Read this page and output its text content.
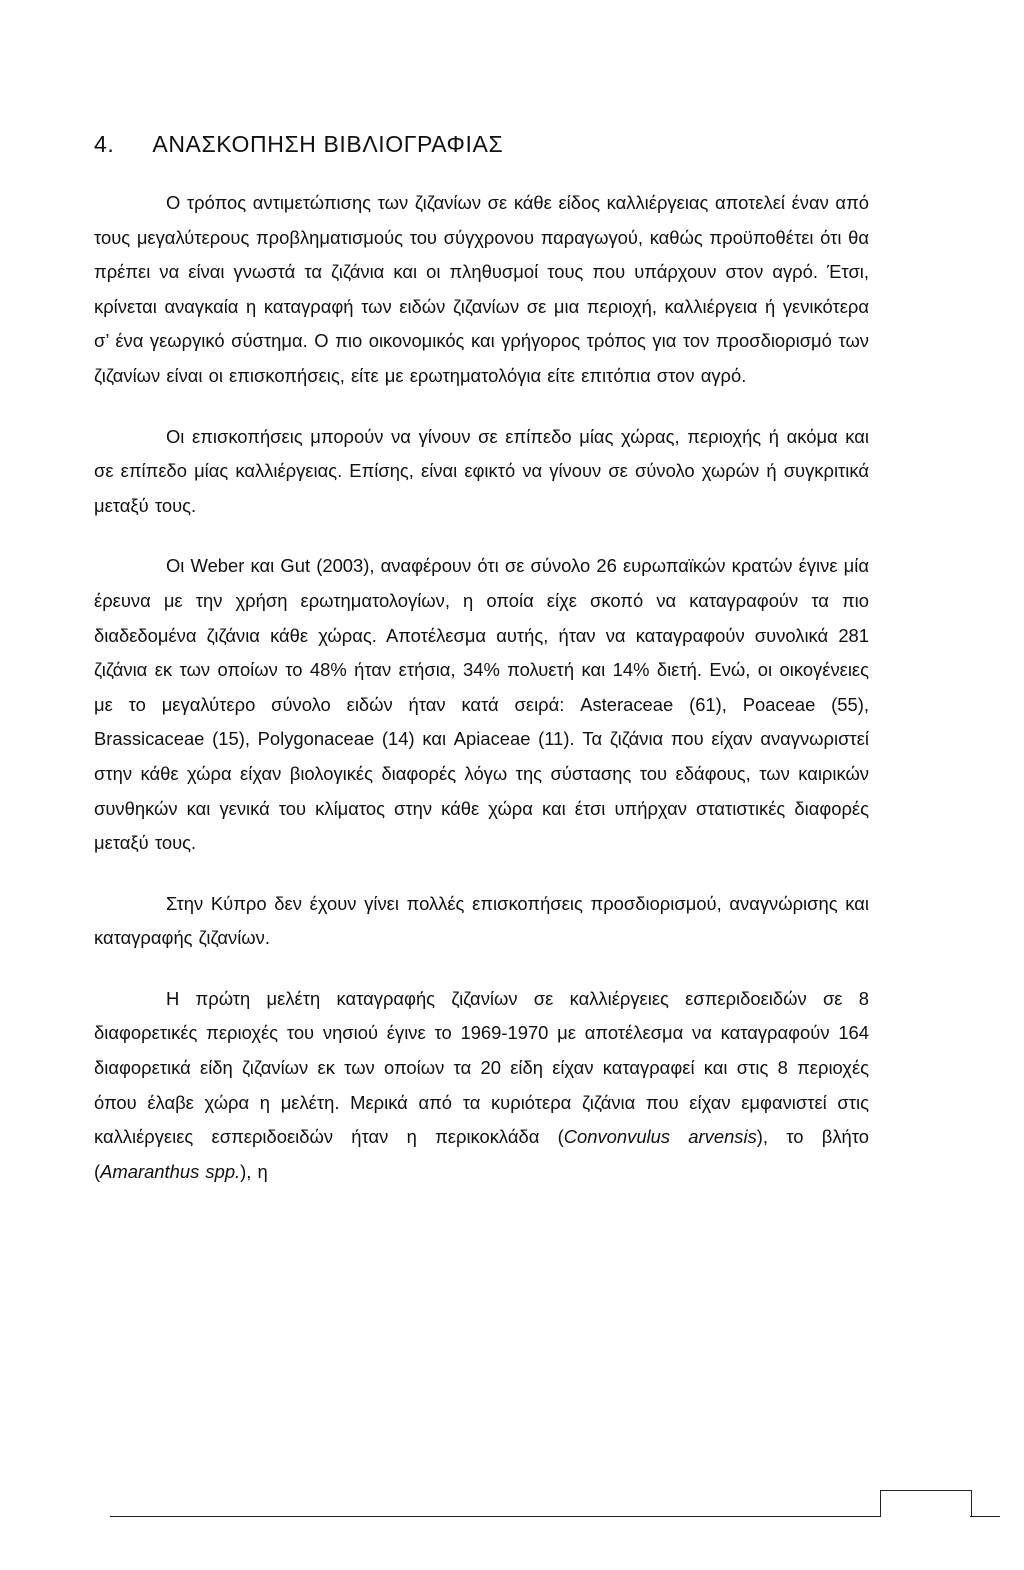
4. ΑΝΑΣΚΟΠΗΣΗ ΒΙΒΛΙΟΓΡΑΦΙΑΣ

Ο τρόπος αντιμετώπισης των ζιζανίων σε κάθε είδος καλλιέργειας αποτελεί έναν από τους μεγαλύτερους προβληματισμούς του σύγχρονου παραγωγού, καθώς προϋποθέτει ότι θα πρέπει να είναι γνωστά τα ζιζάνια και οι πληθυσμοί τους που υπάρχουν στον αγρό. Έτσι, κρίνεται αναγκαία η καταγραφή των ειδών ζιζανίων σε μια περιοχή, καλλιέργεια ή γενικότερα σ’ ένα γεωργικό σύστημα. Ο πιο οικονομικός και γρήγορος τρόπος για τον προσδιορισμό των ζιζανίων είναι οι επισκοπήσεις, είτε με ερωτηματολόγια είτε επιτόπια στον αγρό.

Οι επισκοπήσεις μπορούν να γίνουν σε επίπεδο μίας χώρας, περιοχής ή ακόμα και σε επίπεδο μίας καλλιέργειας. Επίσης, είναι εφικτό να γίνουν σε σύνολο χωρών ή συγκριτικά μεταξύ τους.

Οι Weber και Gut (2003), αναφέρουν ότι σε σύνολο 26 ευρωπαϊκών κρατών έγινε μία έρευνα με την χρήση ερωτηματολογίων, η οποία είχε σκοπό να καταγραφούν τα πιο διαδεδομένα ζιζάνια κάθε χώρας. Αποτέλεσμα αυτής, ήταν να καταγραφούν συνολικά 281 ζιζάνια εκ των οποίων το 48% ήταν ετήσια, 34% πολυετή και 14% διετή. Ενώ, οι οικογένειες με το μεγαλύτερο σύνολο ειδών ήταν κατά σειρά: Asteraceae (61), Poaceae (55), Brassicaceae (15), Polygonaceae (14) και Apiaceae (11). Τα ζιζάνια που είχαν αναγνωριστεί στην κάθε χώρα είχαν βιολογικές διαφορές λόγω της σύστασης του εδάφους, των καιρικών συνθηκών και γενικά του κλίματος στην κάθε χώρα και έτσι υπήρχαν στατιστικές διαφορές μεταξύ τους.

Στην Κύπρο δεν έχουν γίνει πολλές επισκοπήσεις προσδιορισμού, αναγνώρισης και καταγραφής ζιζανίων.

Η πρώτη μελέτη καταγραφής ζιζανίων σε καλλιέργειες εσπεριδοειδών σε 8 διαφορετικές περιοχές του νησιού έγινε το 1969-1970 με αποτέλεσμα να καταγραφούν 164 διαφορετικά είδη ζιζανίων εκ των οποίων τα 20 είδη είχαν καταγραφεί και στις 8 περιοχές όπου έλαβε χώρα η μελέτη. Μερικά από τα κυριότερα ζιζάνια που είχαν εμφανιστεί στις καλλιέργειες εσπεριδοειδών ήταν η περικοκλάδα (Convonvulus arvensis), το βλήτο (Amaranthus spp.), η
